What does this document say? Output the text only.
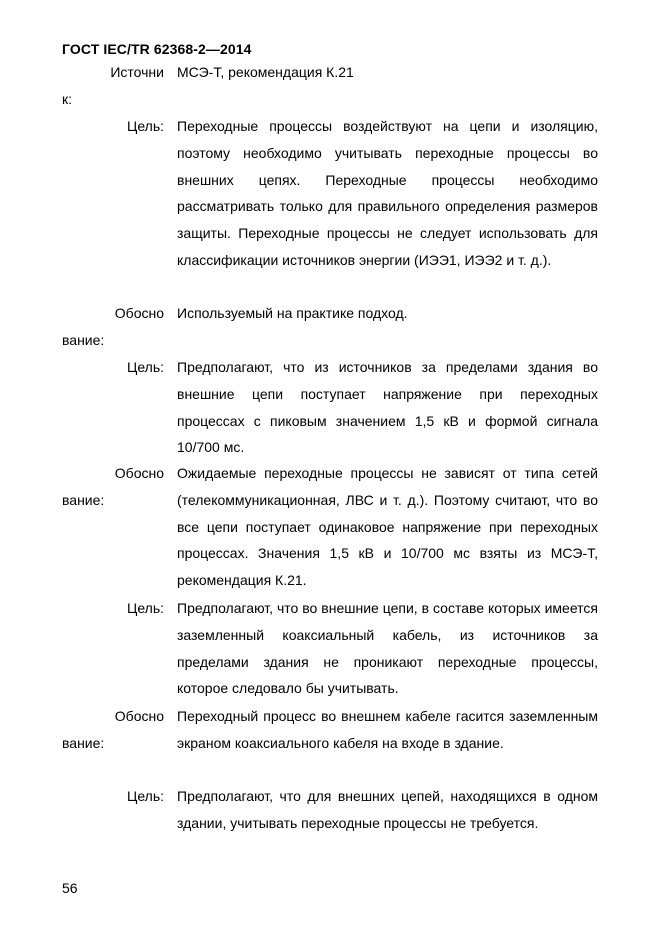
ГОСТ IEC/TR 62368-2—2014
Источни
к:
МСЭ-Т, рекомендация К.21
Цель: Переходные процессы воздействуют на цепи и изоляцию, поэтому необходимо учитывать переходные процессы во внешних цепях. Переходные процессы необходимо рассматривать только для правильного определения размеров защиты. Переходные процессы не следует использовать для классификации источников энергии (ИЭЭ1, ИЭЭ2 и т. д.).
Обосно
вание:
Используемый на практике подход.
Цель: Предполагают, что из источников за пределами здания во внешние цепи поступает напряжение при переходных процессах с пиковым значением 1,5 кВ и формой сигнала 10/700 мс.
Обосно
вание:
Ожидаемые переходные процессы не зависят от типа сетей (телекоммуникационная, ЛВС и т. д.). Поэтому считают, что во все цепи поступает одинаковое напряжение при переходных процессах. Значения 1,5 кВ и 10/700 мс взяты из МСЭ-Т, рекомендация К.21.
Цель: Предполагают, что во внешние цепи, в составе которых имеется заземленный коаксиальный кабель, из источников за пределами здания не проникают переходные процессы, которое следовало бы учитывать.
Обосно
вание:
Переходный процесс во внешнем кабеле гасится заземленным экраном коаксиального кабеля на входе в здание.
Цель: Предполагают, что для внешних цепей, находящихся в одном здании, учитывать переходные процессы не требуется.
56
